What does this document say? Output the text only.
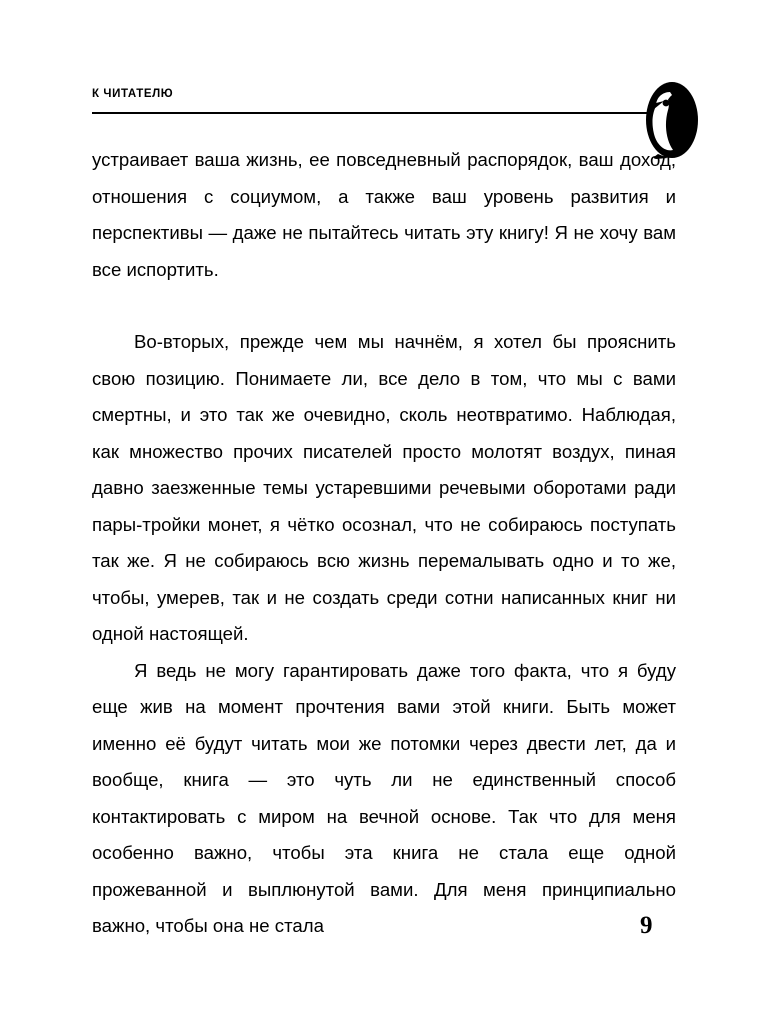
К ЧИТАТЕЛЮ

устраивает ваша жизнь, ее повседневный распорядок, ваш доход, отношения с социумом, а также ваш уровень развития и перспективы — даже не пытайтесь читать эту книгу! Я не хочу вам все испортить.

Во-вторых, прежде чем мы начнём, я хотел бы прояснить свою позицию. Понимаете ли, все дело в том, что мы с вами смертны, и это так же очевидно, сколь неотвратимо. Наблюдая, как множество прочих писателей просто молотят воздух, пиная давно заезженные темы устаревшими речевыми оборотами ради пары-тройки монет, я чётко осознал, что не собираюсь поступать так же. Я не собираюсь всю жизнь перемалывать одно и то же, чтобы, умерев, так и не создать среди сотни написанных книг ни одной настоящей.

Я ведь не могу гарантировать даже того факта, что я буду еще жив на момент прочтения вами этой книги. Быть может именно её будут читать мои же потомки через двести лет, да и вообще, книга — это чуть ли не единственный способ контактировать с миром на вечной основе. Так что для меня особенно важно, чтобы эта книга не стала еще одной прожеванной и выплюнутой вами. Для меня принципиально важно, чтобы она не стала	9
